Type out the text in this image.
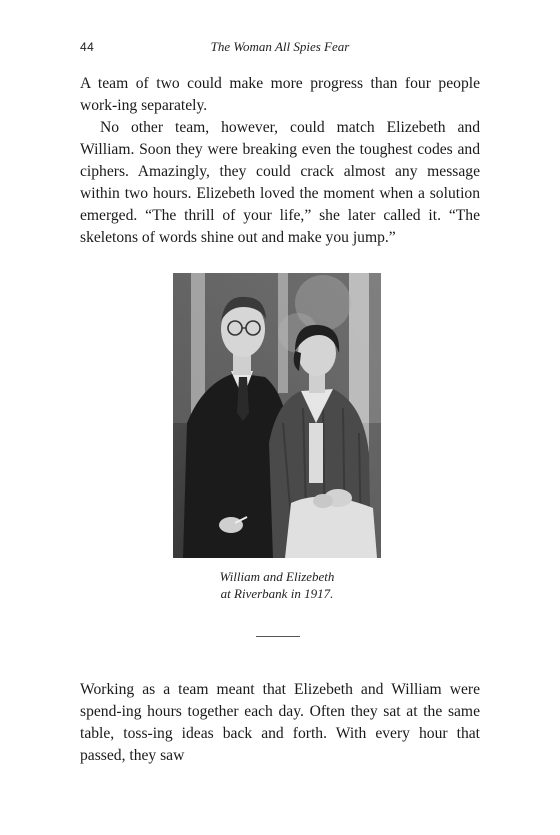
44	The Woman All Spies Fear

A team of two could make more progress than four people work-ing separately.

No other team, however, could match Elizebeth and William. Soon they were breaking even the toughest codes and ciphers. Amazingly, they could crack almost any message within two hours. Elizebeth loved the moment when a solution emerged. “The thrill of your life,” she later called it. “The skeletons of words shine out and make you jump.”

William and Elizebeth
at Riverbank in 1917.

Working as a team meant that Elizebeth and William were spend-ing hours together each day. Often they sat at the same table, toss-ing ideas back and forth. With every hour that passed, they saw
